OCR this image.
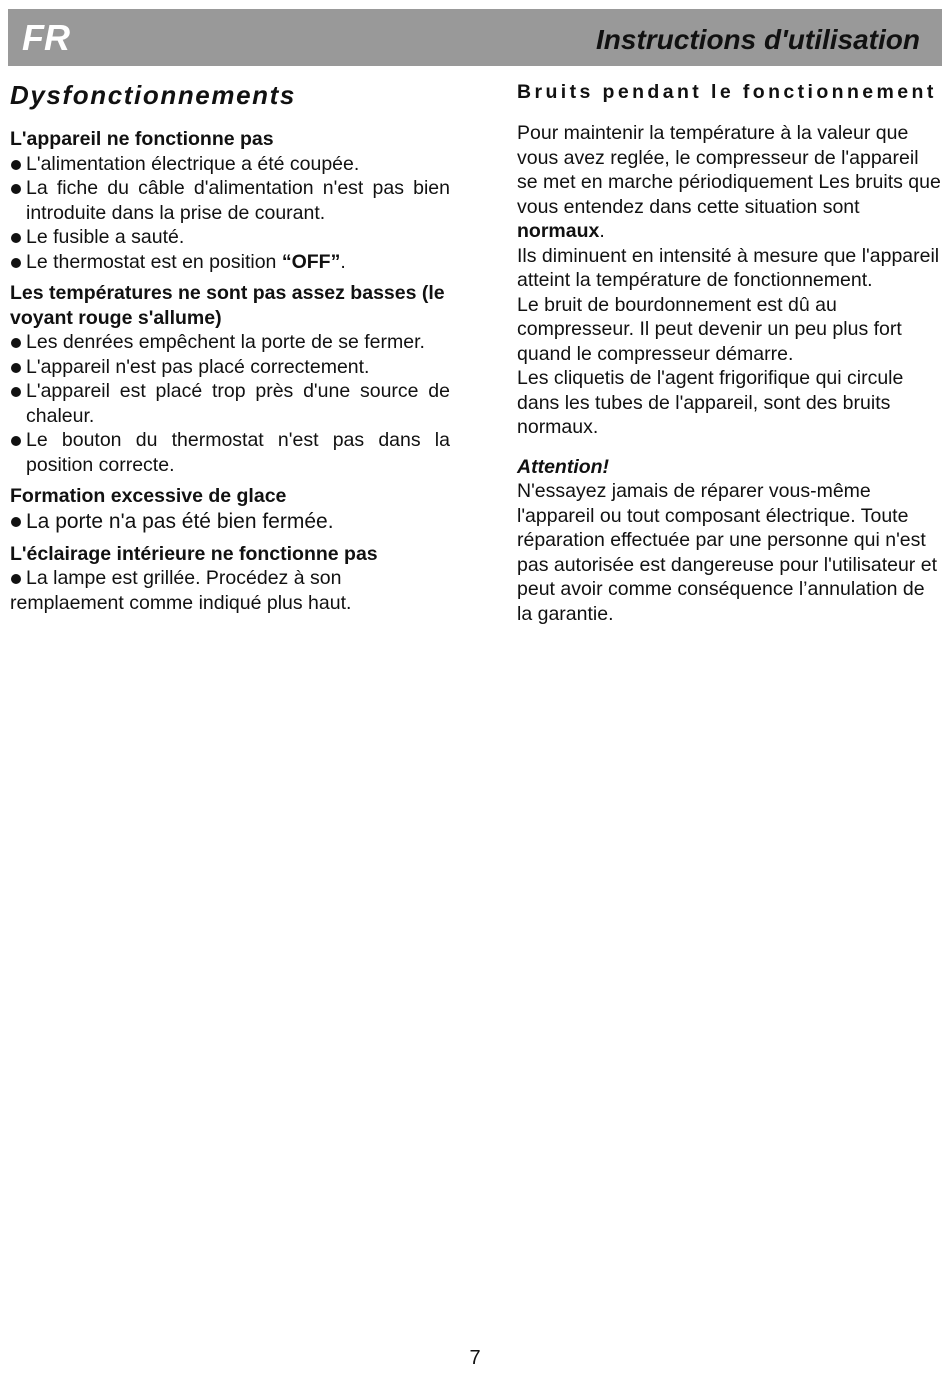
FR	Instructions d'utilisation
Dysfonctionnements
L'appareil ne fonctionne pas
L'alimentation électrique a été coupée.
La fiche du câble d'alimentation n'est pas bien introduite dans la prise de courant.
Le fusible a sauté.
Le thermostat est en position “OFF”.
Les températures ne sont pas assez basses (le voyant rouge s'allume)
Les denrées empêchent la porte de se fermer.
L'appareil n'est pas placé correctement.
L'appareil est placé trop près d'une source de chaleur.
Le bouton du thermostat n'est pas dans la position correcte.
Formation excessive de glace
La porte n'a pas été bien fermée.
L'éclairage intérieure ne fonctionne pas
La lampe est grillée. Procédez à son
remplaement comme indiqué plus haut.
Bruits pendant le fonctionnement

Pour maintenir la température à la valeur que vous avez reglée, le compresseur de l'appareil se met en marche périodiquement Les bruits que vous entendez dans cette situation sont normaux.

Ils diminuent en intensité à mesure que l'appareil atteint la température de fonctionnement.

Le bruit de bourdonnement est dû au compresseur. Il peut devenir un peu plus fort quand le compresseur démarre.

Les cliquetis de l'agent frigorifique qui circule dans les tubes de l'appareil, sont des bruits normaux.

Attention!

N'essayez jamais de réparer vous-même l'appareil ou tout composant électrique. Toute réparation effectuée par une personne qui n'est pas autorisée est dangereuse pour l'utilisateur et peut avoir comme conséquence l’annulation de la garantie.

7
